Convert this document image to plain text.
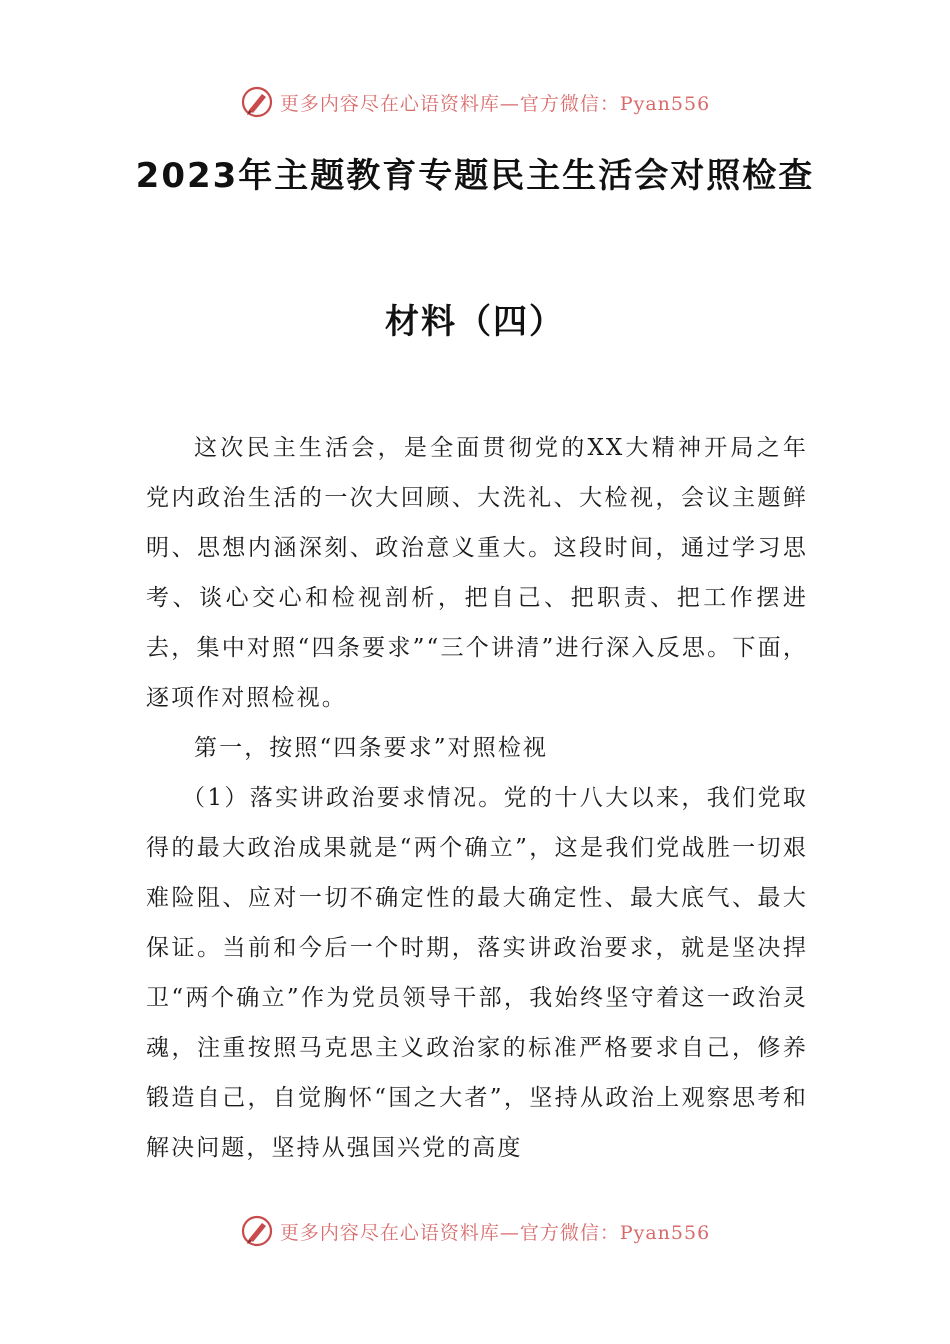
更多内容尽在心语资料库—官方微信：Pyan556
2023年主题教育专题民主生活会对照检查
材料（四）

这次民主生活会，是全面贯彻党的XX大精神开局之年党内政治生活的一次大回顾、大洗礼、大检视，会议主题鲜明、思想内涵深刻、政治意义重大。这段时间，通过学习思考、谈心交心和检视剖析，把自己、把职责、把工作摆进去，集中对照“四条要求”“三个讲清”进行深入反思。下面，逐项作对照检视。

第一，按照“四条要求”对照检视

（1）落实讲政治要求情况。党的十八大以来，我们党取得的最大政治成果就是“两个确立”，这是我们党战胜一切艰难险阻、应对一切不确定性的最大确定性、最大底气、最大保证。当前和今后一个时期，落实讲政治要求，就是坚决捍卫“两个确立”作为党员领导干部，我始终坚守着这一政治灵魂，注重按照马克思主义政治家的标准严格要求自己，修养锻造自己，自觉胸怀“国之大者”，坚持从政治上观察思考和解决问题，坚持从强国兴党的高度

更多内容尽在心语资料库—官方微信：Pyan556
